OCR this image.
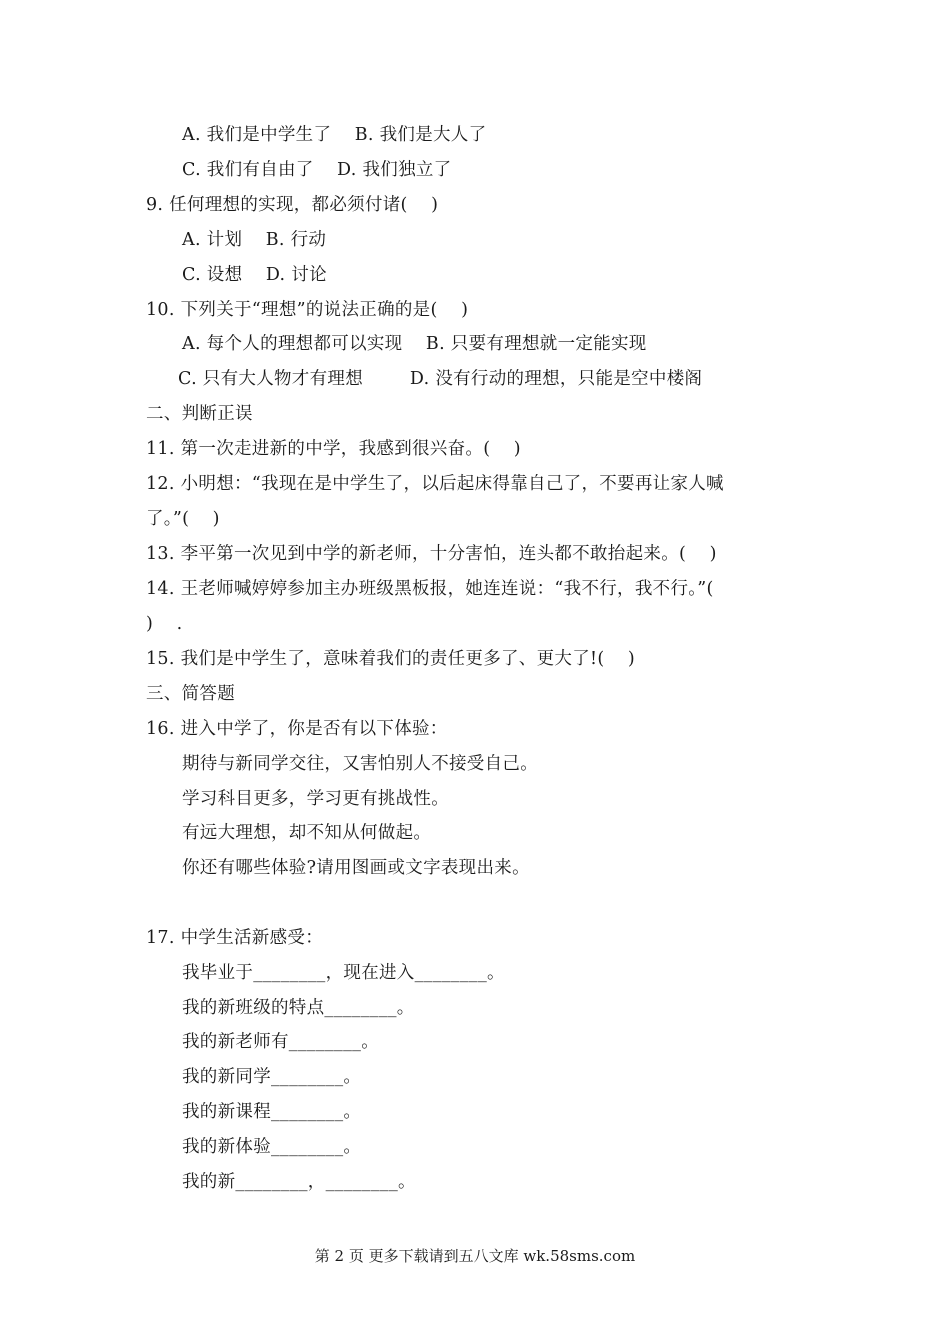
A. 我们是中学生了    B. 我们是大人了
C. 我们有自由了    D. 我们独立了
9. 任何理想的实现，都必须付诸(    )
A. 计划    B. 行动
C. 设想    D. 讨论
10. 下列关于“理想”的说法正确的是(    )
A. 每个人的理想都可以实现    B. 只要有理想就一定能实现
C. 只有大人物才有理想        D. 没有行动的理想，只能是空中楼阁
二、判断正误
11. 第一次走进新的中学，我感到很兴奋。(    )
12. 小明想：“我现在是中学生了，以后起床得靠自己了，不要再让家人喊
了。”(    )
13. 李平第一次见到中学的新老师，十分害怕，连头都不敢抬起来。(    )
14. 王老师喊婷婷参加主办班级黑板报，她连连说：“我不行，我不行。”(
)    .
15. 我们是中学生了，意味着我们的责任更多了、更大了!(    )
三、简答题
16. 进入中学了，你是否有以下体验：
期待与新同学交往，又害怕别人不接受自己。
学习科目更多，学习更有挑战性。
有远大理想，却不知从何做起。
你还有哪些体验?请用图画或文字表现出来。
17. 中学生活新感受：
我毕业于________，现在进入________。
我的新班级的特点________。
我的新老师有________。
我的新同学________。
我的新课程________。
我的新体验________。
我的新________，________。
第 2 页 更多下载请到五八文库 wk.58sms.com
